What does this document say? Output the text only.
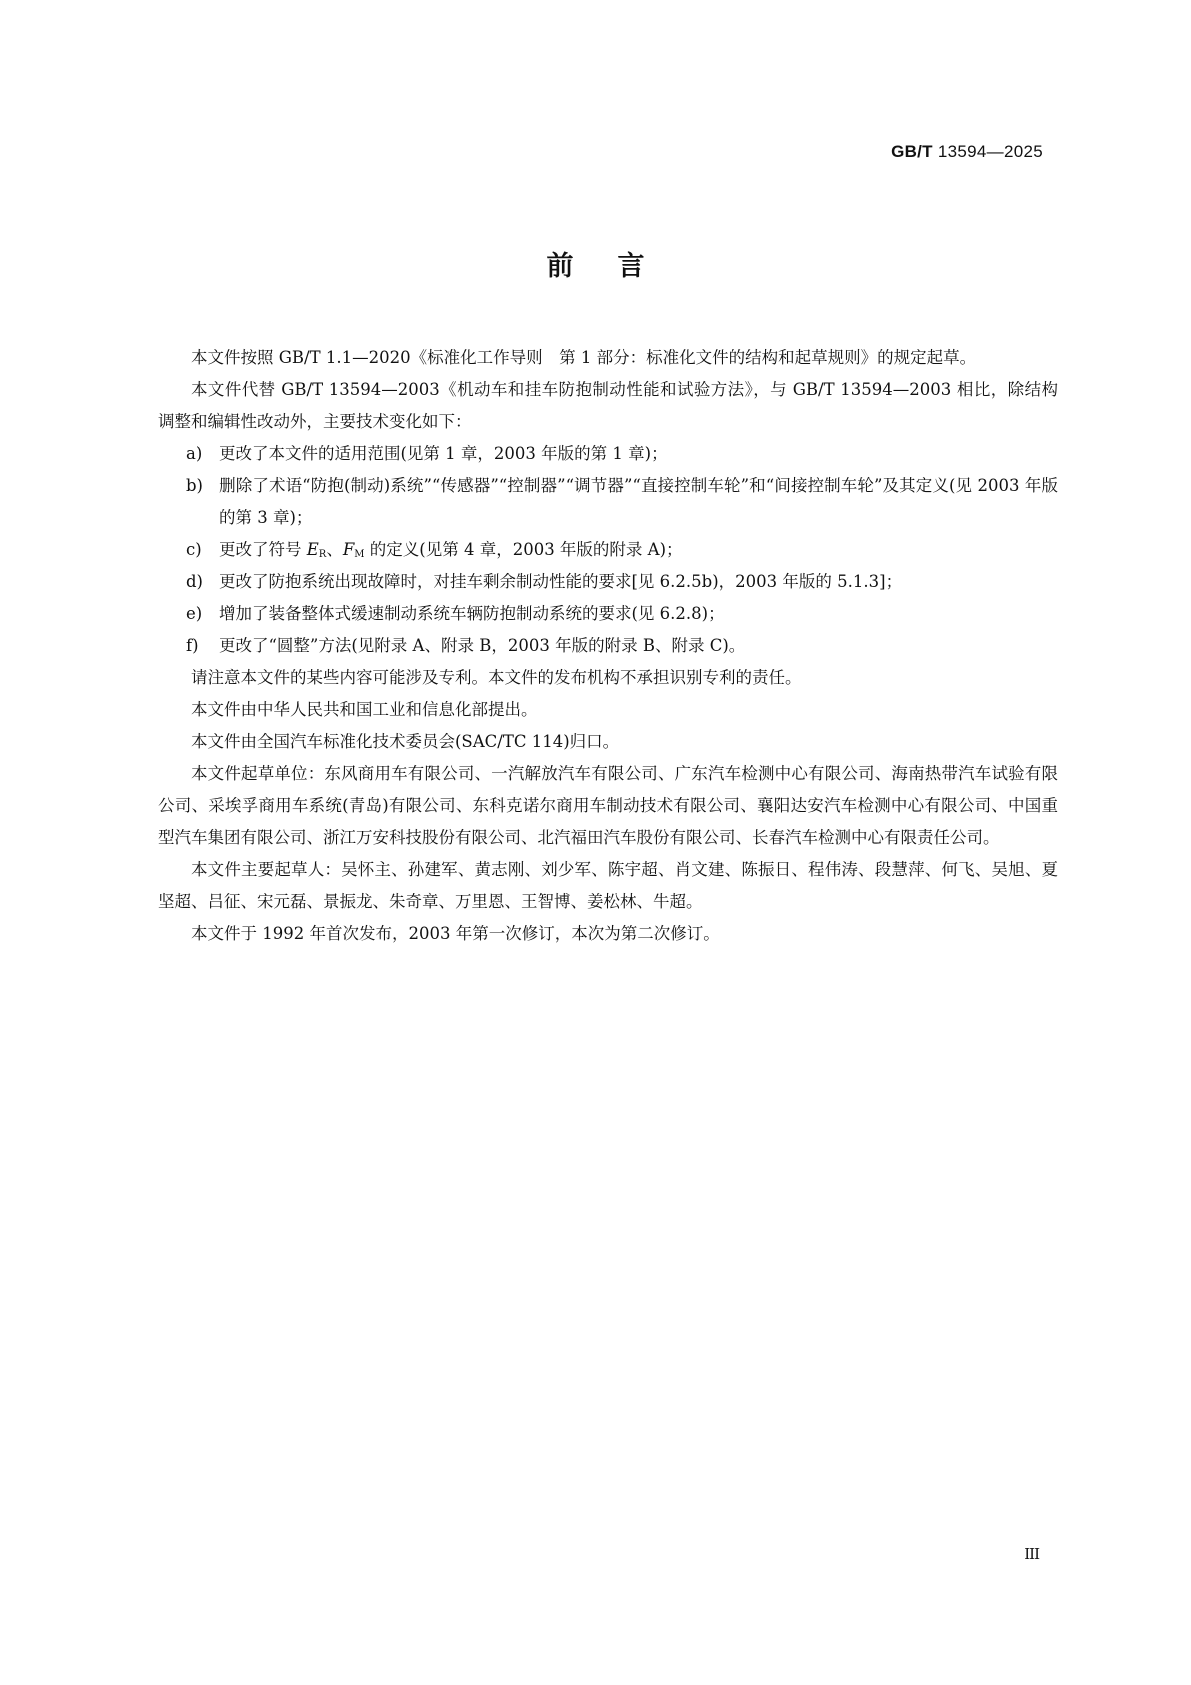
GB/T 13594—2025
前言

本文件按照 GB/T 1.1—2020《标准化工作导则　第 1 部分：标准化文件的结构和起草规则》的规定起草。

本文件代替 GB/T 13594—2003《机动车和挂车防抱制动性能和试验方法》，与 GB/T 13594—2003 相比，除结构调整和编辑性改动外，主要技术变化如下：

a) 更改了本文件的适用范围(见第 1 章，2003 年版的第 1 章)；
b) 删除了术语“防抱(制动)系统”“传感器”“控制器”“调节器”“直接控制车轮”和“间接控制车轮”及其定义(见 2003 年版的第 3 章)；
c) 更改了符号 $E_R$、$F_M$ 的定义(见第 4 章，2003 年版的附录 A)；
d) 更改了防抱系统出现故障时，对挂车剩余制动性能的要求[见 6.2.5b)，2003 年版的 5.1.3]；
e) 增加了装备整体式缓速制动系统车辆防抱制动系统的要求(见 6.2.8)；
f) 更改了“圆整”方法(见附录 A、附录 B，2003 年版的附录 B、附录 C)。

请注意本文件的某些内容可能涉及专利。本文件的发布机构不承担识别专利的责任。

本文件由中华人民共和国工业和信息化部提出。

本文件由全国汽车标准化技术委员会(SAC/TC 114)归口。

本文件起草单位：东风商用车有限公司、一汽解放汽车有限公司、广东汽车检测中心有限公司、海南热带汽车试验有限公司、采埃孚商用车系统(青岛)有限公司、东科克诺尔商用车制动技术有限公司、襄阳达安汽车检测中心有限公司、中国重型汽车集团有限公司、浙江万安科技股份有限公司、北汽福田汽车股份有限公司、长春汽车检测中心有限责任公司。

本文件主要起草人：吴怀主、孙建军、黄志刚、刘少军、陈宇超、肖文建、陈振日、程伟涛、段慧萍、何飞、吴旭、夏坚超、吕征、宋元磊、景振龙、朱奇章、万里恩、王智博、姜松林、牛超。

本文件于 1992 年首次发布，2003 年第一次修订，本次为第二次修订。

III
